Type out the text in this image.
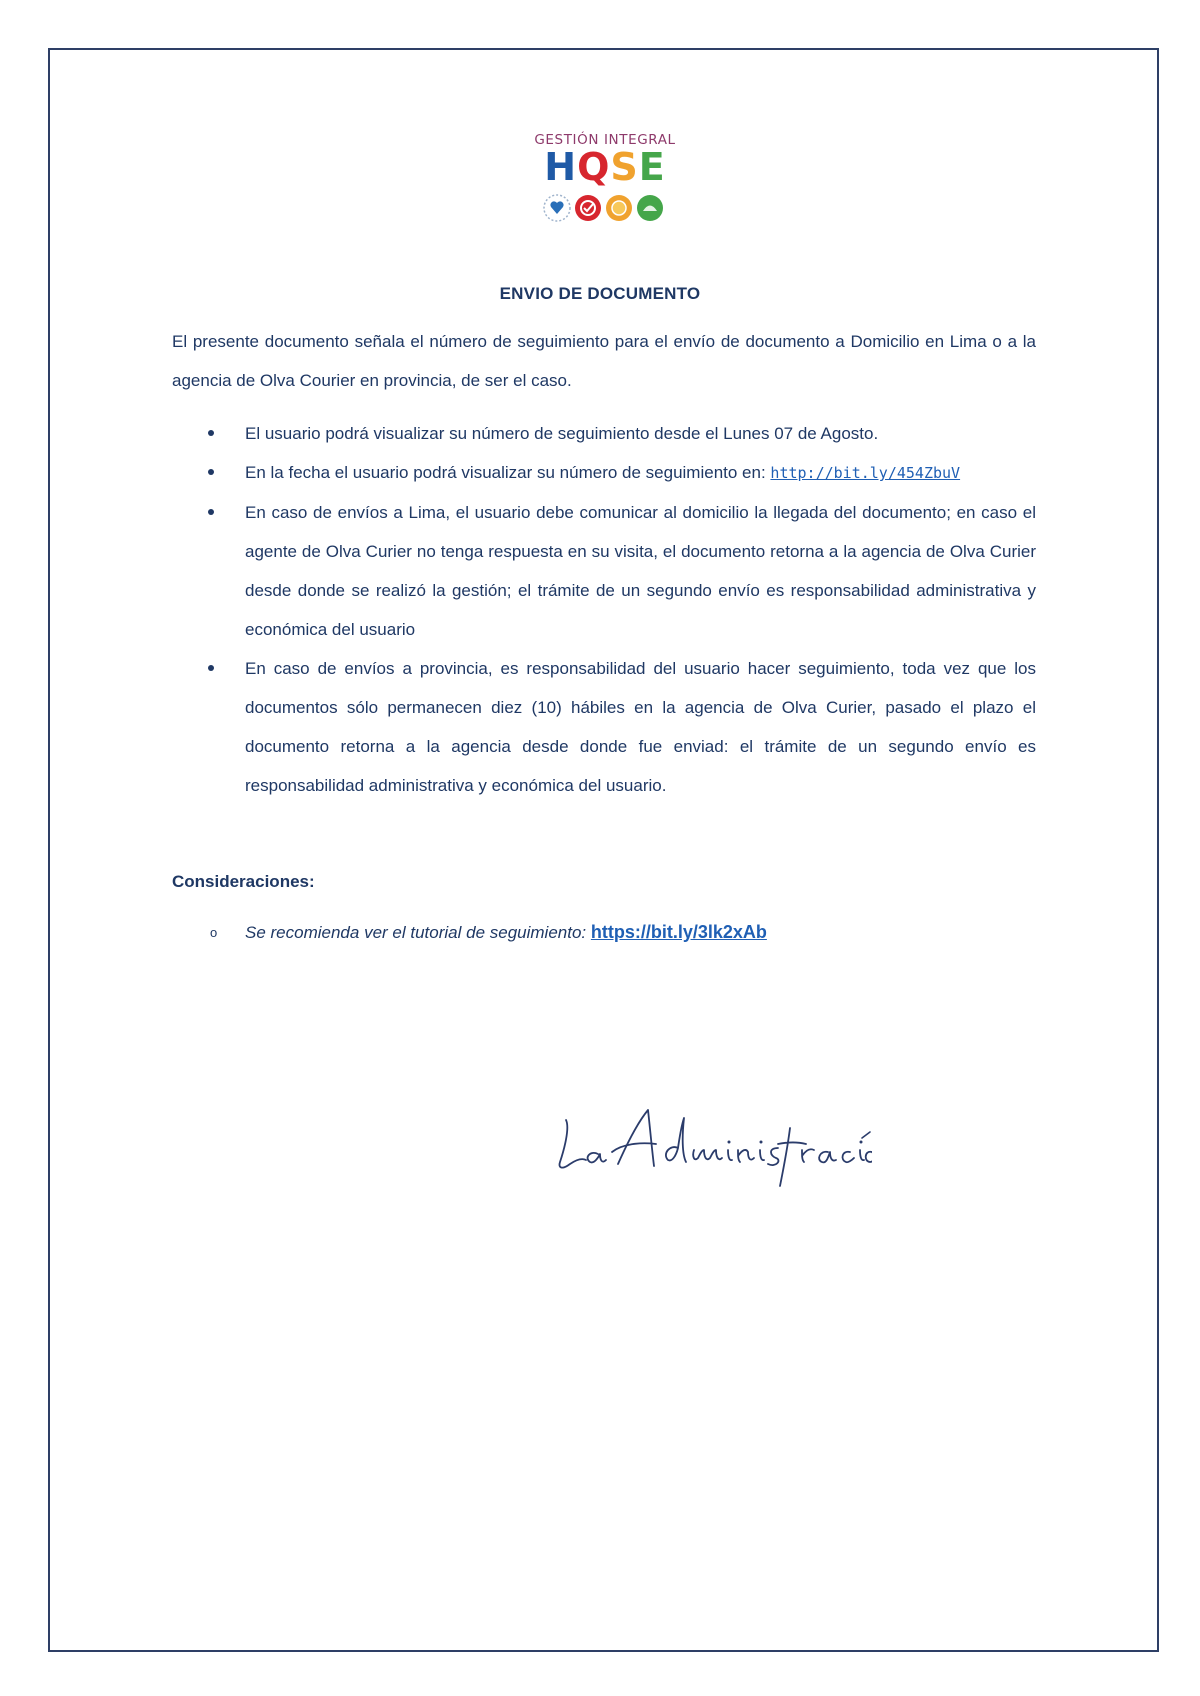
GESTIÓN INTEGRAL
HQSE
ENVIO DE DOCUMENTO
El presente documento señala el número de seguimiento para el envío de documento a Domicilio en Lima o a la agencia de Olva Courier en provincia, de ser el caso.
El usuario podrá visualizar su número de seguimiento desde el Lunes 07 de Agosto.
En la fecha el usuario podrá visualizar su número de seguimiento en: http://bit.ly/454ZbuV
En caso de envíos a Lima, el usuario debe comunicar al domicilio la llegada del documento; en caso el agente de Olva Curier no tenga respuesta en su visita, el documento retorna a la agencia de Olva Curier desde donde se realizó la gestión; el trámite de un segundo envío es responsabilidad administrativa y económica del usuario
En caso de envíos a provincia, es responsabilidad del usuario hacer seguimiento, toda vez que los documentos sólo permanecen diez (10) hábiles en la agencia de Olva Curier, pasado el plazo el documento retorna a la agencia desde donde fue enviad: el trámite de un segundo envío es responsabilidad administrativa y económica del usuario.
Consideraciones:
o Se recomienda ver el tutorial de seguimiento: https://bit.ly/3lk2xAb
